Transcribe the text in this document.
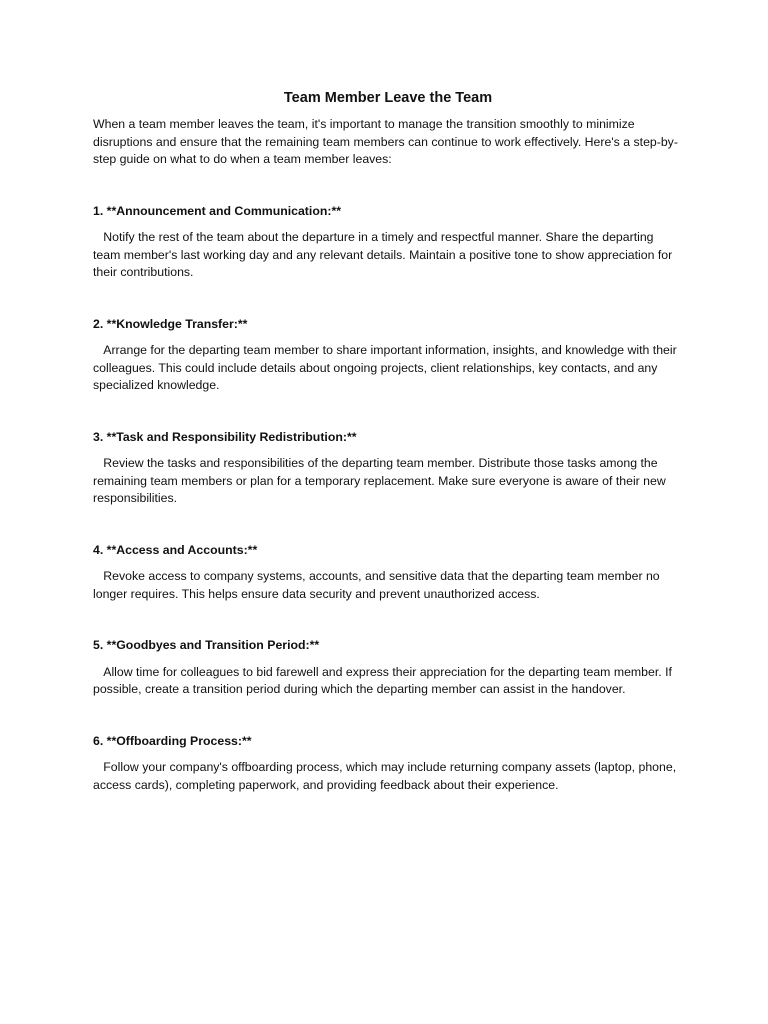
Team Member Leave the Team

When a team member leaves the team, it's important to manage the transition smoothly to minimize disruptions and ensure that the remaining team members can continue to work effectively. Here's a step-by-step guide on what to do when a team member leaves:

1. **Announcement and Communication:**

Notify the rest of the team about the departure in a timely and respectful manner. Share the departing team member's last working day and any relevant details. Maintain a positive tone to show appreciation for their contributions.

2. **Knowledge Transfer:**

Arrange for the departing team member to share important information, insights, and knowledge with their colleagues. This could include details about ongoing projects, client relationships, key contacts, and any specialized knowledge.

3. **Task and Responsibility Redistribution:**

Review the tasks and responsibilities of the departing team member. Distribute those tasks among the remaining team members or plan for a temporary replacement. Make sure everyone is aware of their new responsibilities.

4. **Access and Accounts:**

Revoke access to company systems, accounts, and sensitive data that the departing team member no longer requires. This helps ensure data security and prevent unauthorized access.

5. **Goodbyes and Transition Period:**

Allow time for colleagues to bid farewell and express their appreciation for the departing team member. If possible, create a transition period during which the departing member can assist in the handover.

6. **Offboarding Process:**

Follow your company's offboarding process, which may include returning company assets (laptop, phone, access cards), completing paperwork, and providing feedback about their experience.
